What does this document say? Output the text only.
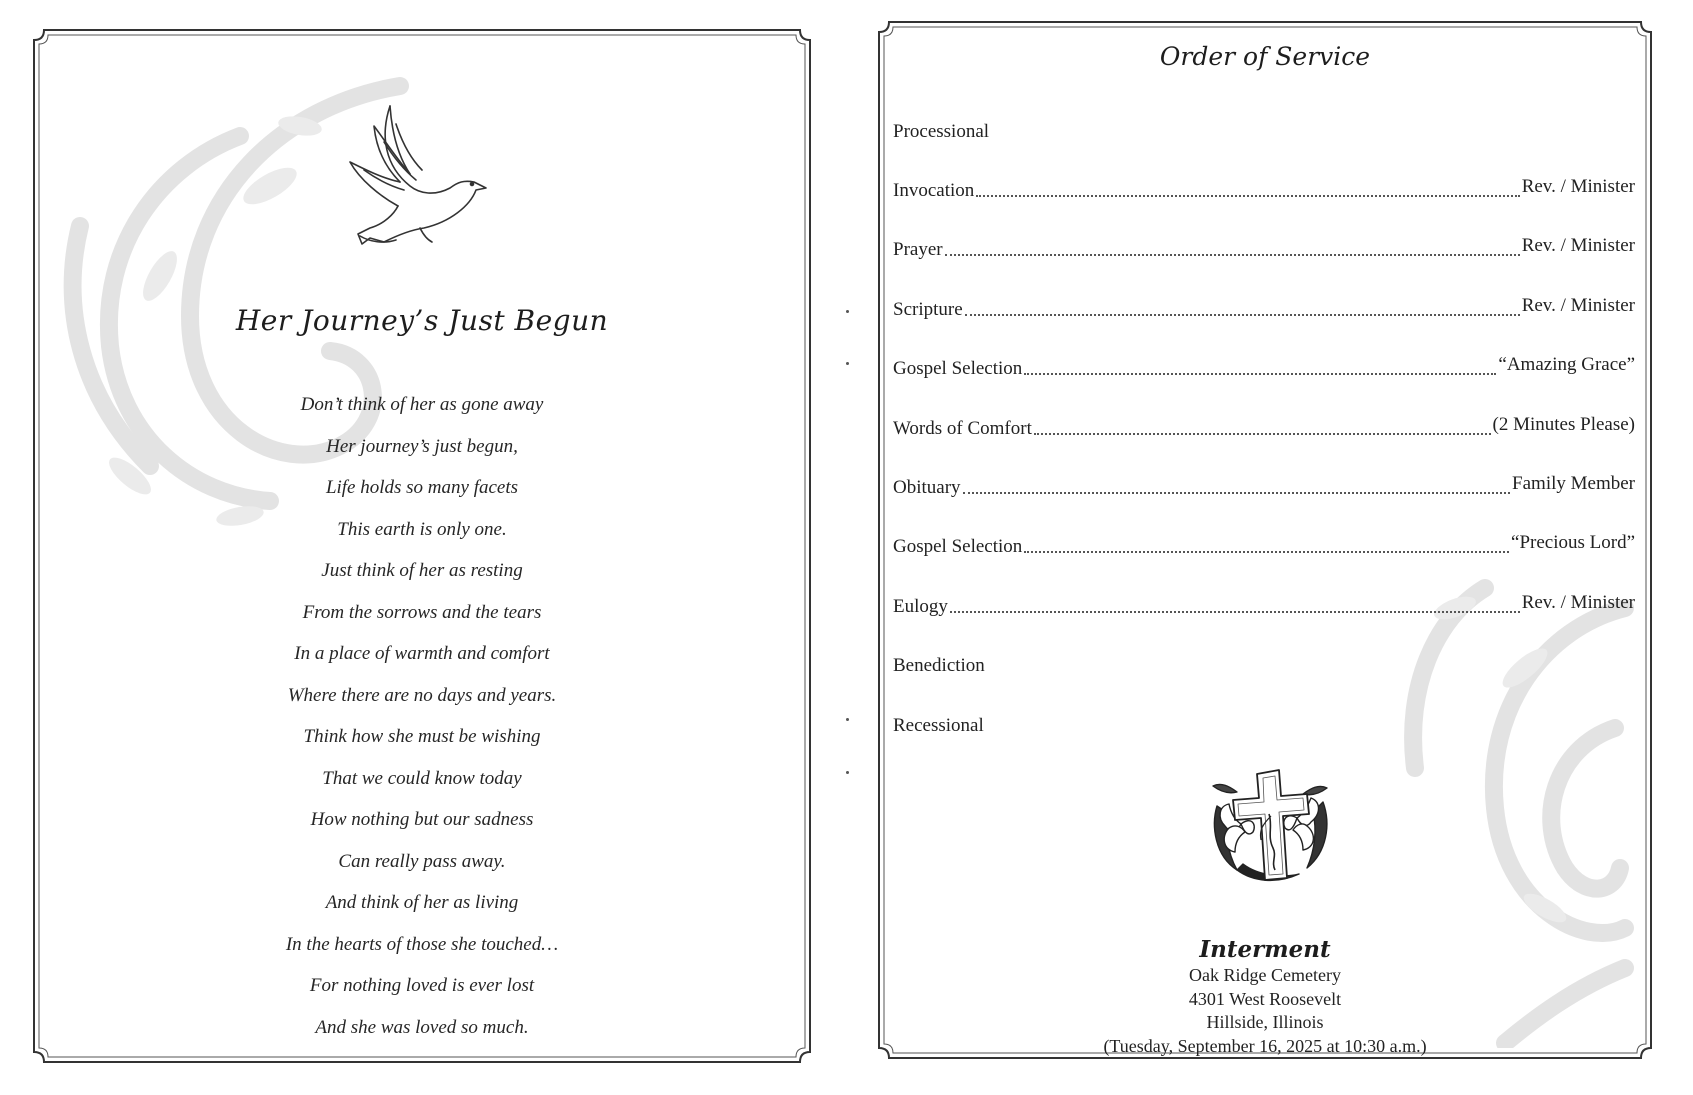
Her Journey’s Just Begun
Don’t think of her as gone away
Her journey’s just begun,
Life holds so many facets
This earth is only one.
Just think of her as resting
From the sorrows and the tears
In a place of warmth and comfort
Where there are no days and years.
Think how she must be wishing
That we could know today
How nothing but our sadness
Can really pass away.
And think of her as living
In the hearts of those she touched…
For nothing loved is ever lost
And she was loved so much.
Order of Service
Processional
Invocation	Rev. / Minister
Prayer	Rev. / Minister
Scripture	Rev. / Minister
Gospel Selection	“Amazing Grace”
Words of Comfort	(2 Minutes Please)
Obituary	Family Member
Gospel Selection	“Precious Lord”
Eulogy	Rev. / Minister
Benediction
Recessional
Interment
Oak Ridge Cemetery
4301 West Roosevelt
Hillside, Illinois
(Tuesday, September 16, 2025 at 10:30 a.m.)
